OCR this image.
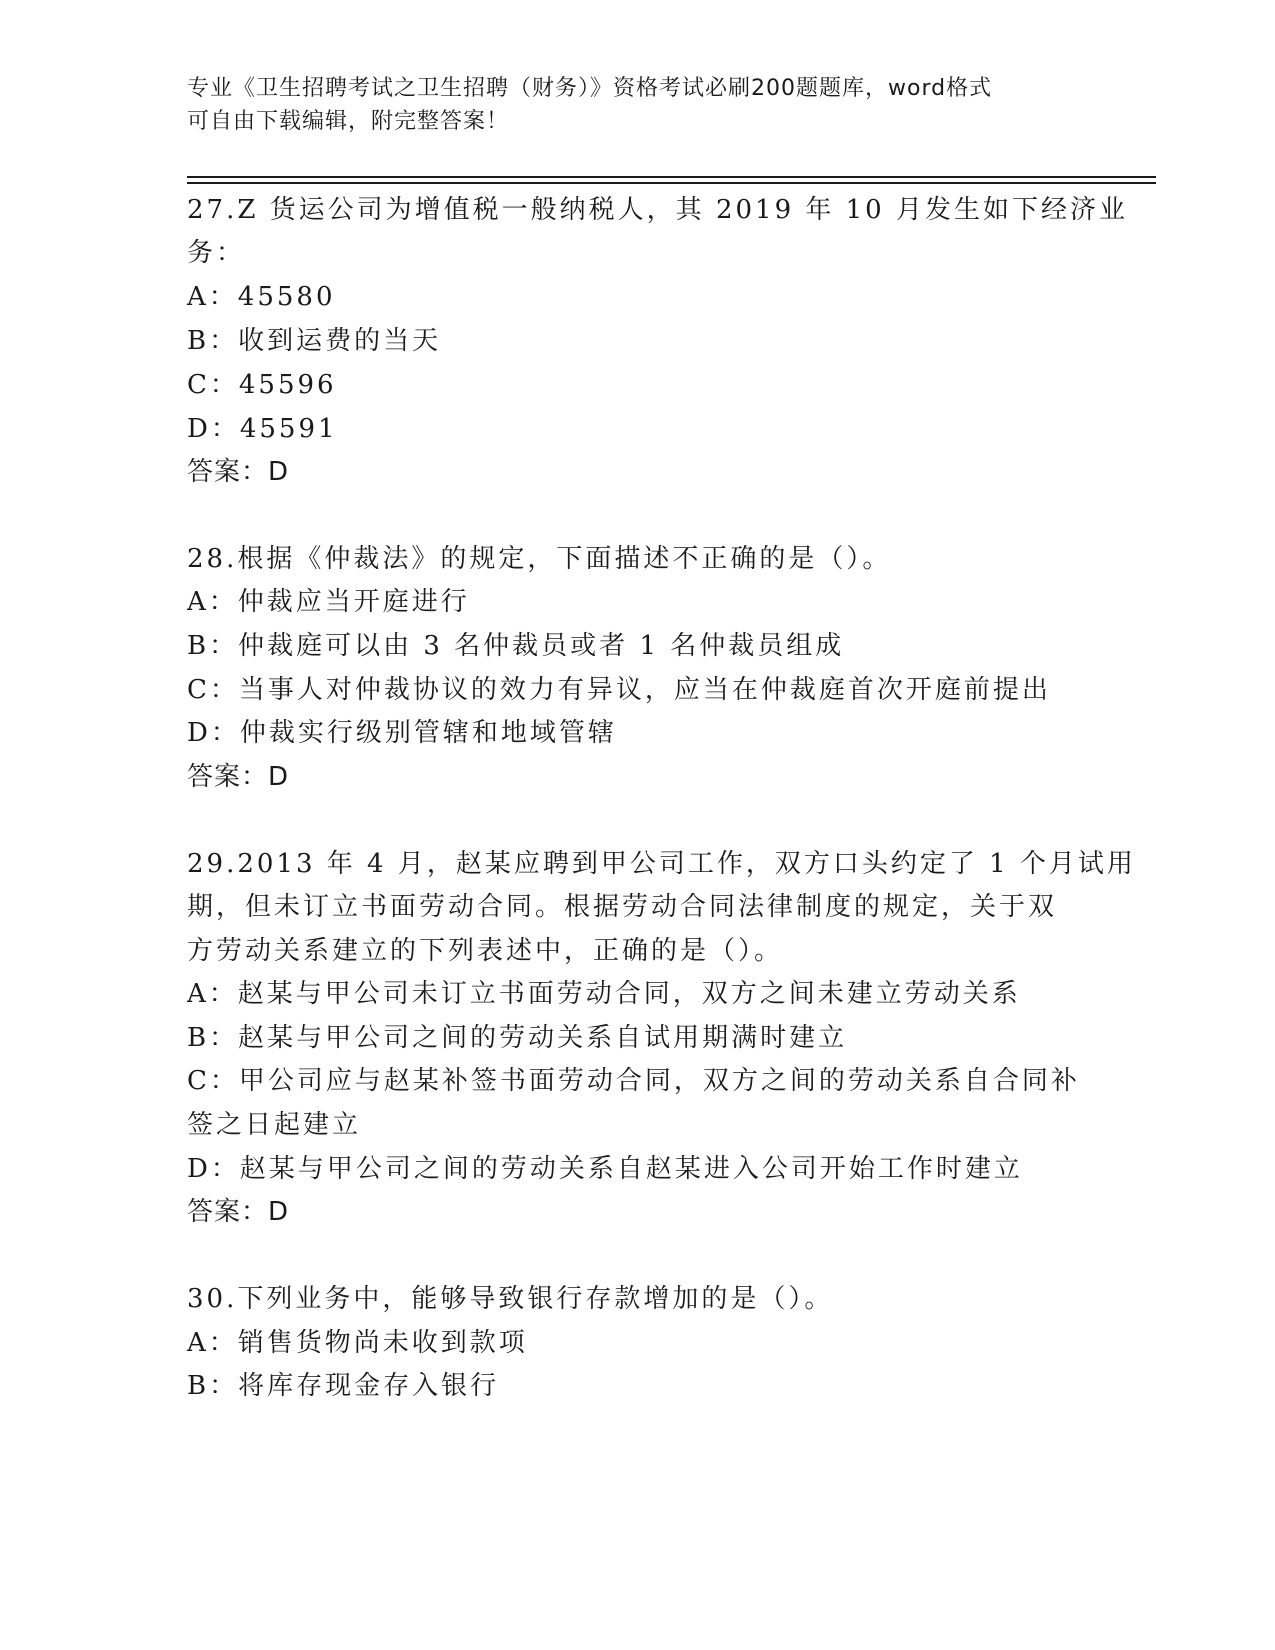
专业《卫生招聘考试之卫生招聘（财务）》资格考试必刷200题题库，word格式
可自由下载编辑，附完整答案！
27.Z 货运公司为增值税一般纳税人，其 2019 年 10 月发生如下经济业
务：
A：45580
B：收到运费的当天
C：45596
D：45591
答案：D
28.根据《仲裁法》的规定，下面描述不正确的是（）。
A：仲裁应当开庭进行
B：仲裁庭可以由 3 名仲裁员或者 1 名仲裁员组成
C：当事人对仲裁协议的效力有异议，应当在仲裁庭首次开庭前提出
D：仲裁实行级别管辖和地域管辖
答案：D
29.2013 年 4 月，赵某应聘到甲公司工作，双方口头约定了 1 个月试用
期，但未订立书面劳动合同。根据劳动合同法律制度的规定，关于双
方劳动关系建立的下列表述中，正确的是（）。
A：赵某与甲公司未订立书面劳动合同，双方之间未建立劳动关系
B：赵某与甲公司之间的劳动关系自试用期满时建立
C：甲公司应与赵某补签书面劳动合同，双方之间的劳动关系自合同补
签之日起建立
D：赵某与甲公司之间的劳动关系自赵某进入公司开始工作时建立
答案：D
30.下列业务中，能够导致银行存款增加的是（）。
A：销售货物尚未收到款项
B：将库存现金存入银行
